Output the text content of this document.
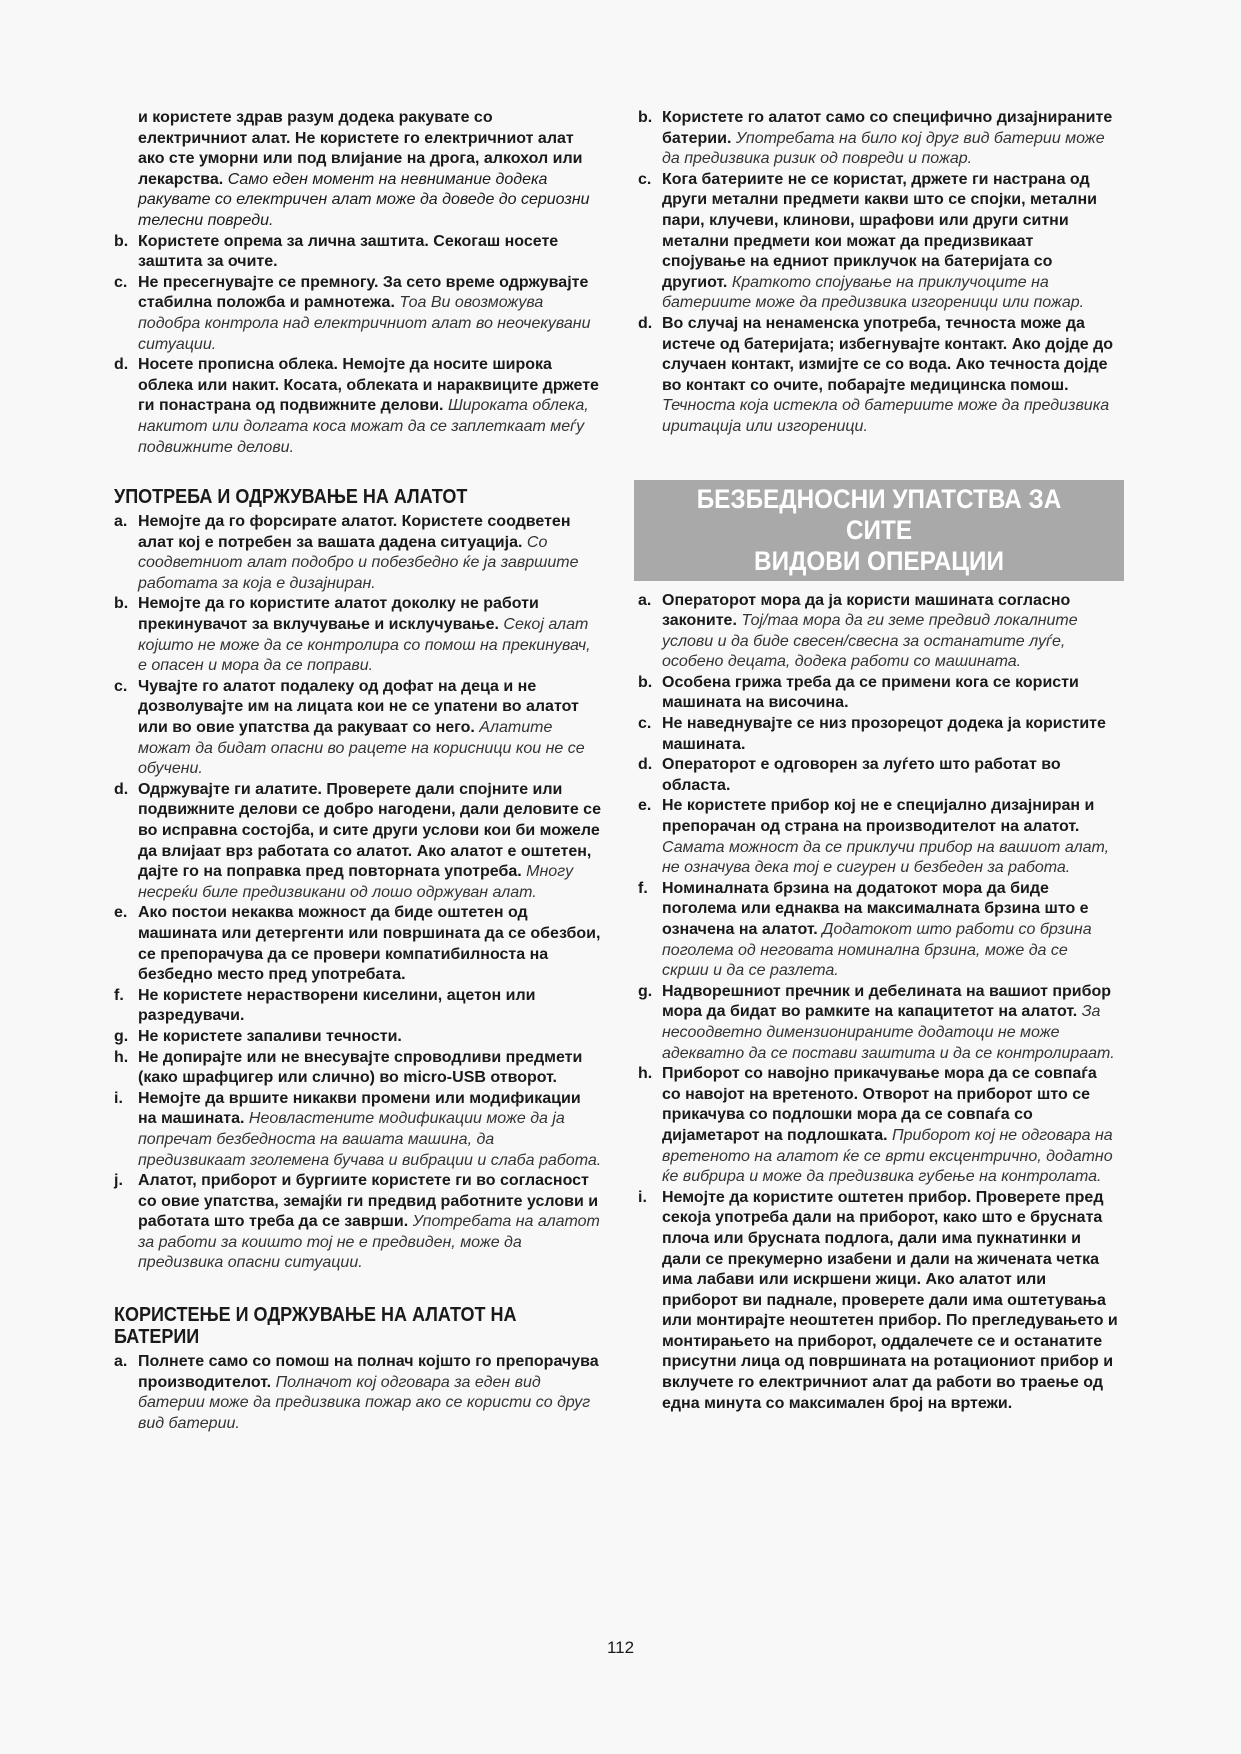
и користете здрав разум додека ракувате со електричниот алат. Не користете го електричниот алат ако сте уморни или под влијание на дрога, алкохол или лекарства. Само еден момент на невнимание додека ракувате со електричен алат може да доведе до сериозни телесни повреди.
b. Користете опрема за лична заштита. Секогаш носете заштита за очите.
c. Не пресегнувајте се премногу. За сето време одржувајте стабилна положба и рамнотежа. Тоа Ви овозможува подобра контрола над електричниот алат во неочекувани ситуации.
d. Носете прописна облека. Немојте да носите широка облека или накит. Косата, облеката и нараквиците држете ги понастрана од подвижните делови. Широката облека, накитот или долгата коса можат да се заплеткаат меѓу подвижните делови.
УПОТРЕБА И ОДРЖУВАЊЕ НА АЛАТОТ
a. Немојте да го форсирате алатот. Користете соодветен алат кој е потребен за вашата дадена ситуација. Со соодветниот алат подобро и побезбедно ќе ја завршите работата за која е дизајниран.
b. Немојте да го користите алатот доколку не работи прекинувачот за вклучување и исклучување. Секој алат којшто не може да се контролира со помош на прекинувач, е опасен и мора да се поправи.
c. Чувајте го алатот подалеку од дофат на деца и не дозволувајте им на лицата кои не се упатени во алатот или во овие упатства да ракуваат со него. Алатите можат да бидат опасни во рацете на корисници кои не се обучени.
d. Одржувајте ги алатите. Проверете дали спојните или подвижните делови се добро нагодени, дали деловите се во исправна состојба, и сите други услови кои би можеле да влијаат врз работата со алатот. Ако алатот е оштетен, дајте го на поправка пред повторната употреба. Многу несреќи биле предизвикани од лошо одржуван алат.
e. Ако постои некаква можност да биде оштетен од машината или детергенти или површината да се обезбои, се препорачува да се провери компатибилноста на безбедно место пред употребата.
f. Не користете нерастворени киселини, ацетон или разредувачи.
g. Не користете запаливи течности.
h. Не допирајте или не внесувајте спроводливи предмети (како шрафцигер или слично) во micro-USB отворот.
i. Немојте да вршите никакви промени или модификации на машината. Неовластените модификации може да ја попречат безбедноста на вашата машина, да предизвикаат зголемена бучава и вибрации и слаба работа.
j. Алатот, приборот и бургиите користете ги во согласност со овие упатства, земајќи ги предвид работните услови и работата што треба да се заврши. Употребата на алатот за работи за коишто тој не е предвиден, може да предизвика опасни ситуации.
КОРИСТЕЊЕ И ОДРЖУВАЊЕ НА АЛАТОТ НА
БАТЕРИИ
a. Полнете само со помош на полнач којшто го препорачува производителот. Полначот кој одговара за еден вид батерии може да предизвика пожар ако се користи со друг вид батерии.
b. Користете го алатот само со специфично дизајнираните батерии. Употребата на било кој друг вид батерии може да предизвика ризик од повреди и пожар.
c. Кога батериите не се користат, држете ги настрана од други метални предмети какви што се спојки, метални пари, клучеви, клинови, шрафови или други ситни метални предмети кои можат да предизвикаат спојување на едниот приклучок на батеријата со другиот. Краткото спојување на приклучоците на батериите може да предизвика изгореници или пожар.
d. Во случај на ненаменска употреба, течноста може да истече од батеријата; избегнувајте контакт. Ако дојде до случаен контакт, измијте се со вода. Ако течноста дојде во контакт со очите, побарајте медицинска помош. Течноста која истекла од батериите може да предизвика иритација или изгореници.
БЕЗБЕДНОСНИ УПАТСТВА ЗА СИТЕ
ВИДОВИ ОПЕРАЦИИ
a. Операторот мора да ја користи машината согласно законите. Тој/таа мора да ги земе предвид локалните услови и да биде свесен/свесна за останатите луѓе, особено децата, додека работи со машината.
b. Особена грижа треба да се примени кога се користи машината на височина.
c. Не наведнувајте се низ прозорецот додека ја користите машината.
d. Операторот е одговорен за луѓето што работат во областа.
e. Не користете прибор кој не е специјално дизајниран и препорачан од страна на производителот на алатот. Самата можност да се приклучи прибор на вашиот алат, не означува дека тој е сигурен и безбеден за работа.
f. Номиналната брзина на додатокот мора да биде поголема или еднаква на максималната брзина што е означена на алатот. Додатокот што работи со брзина поголема од неговата номинална брзина, може да се скрши и да се разлета.
g. Надворешниот пречник и дебелината на вашиот прибор мора да бидат во рамките на капацитетот на алатот. За несоодветно димензионираните додатоци не може адекватно да се постави заштита и да се контролираат.
h. Приборот со навојно прикачување мора да се совпаѓа со навојот на вретеното. Отворот на приборот што се прикачува со подлошки мора да се совпаѓа со дијаметарот на подлошката. Приборот кој не одговара на вретеното на алатот ќе се врти ексцентрично, додатно ќе вибрира и може да предизвика губење на контролата.
i. Немојте да користите оштетен прибор. Проверете пред секоја употреба дали на приборот, како што е брусната плоча или брусната подлога, дали има пукнатинки и дали се прекумерно изабени и дали на жичената четка има лабави или искршени жици. Ако алатот или приборот ви паднале, проверете дали има оштетувања или монтирајте неоштетен прибор. По прегледувањето и монтирањето на приборот, оддалечете се и останатите присутни лица од површината на ротациониот прибор и вклучете го електричниот алат да работи во траење од една минута со максимален број на вртежи.
112
